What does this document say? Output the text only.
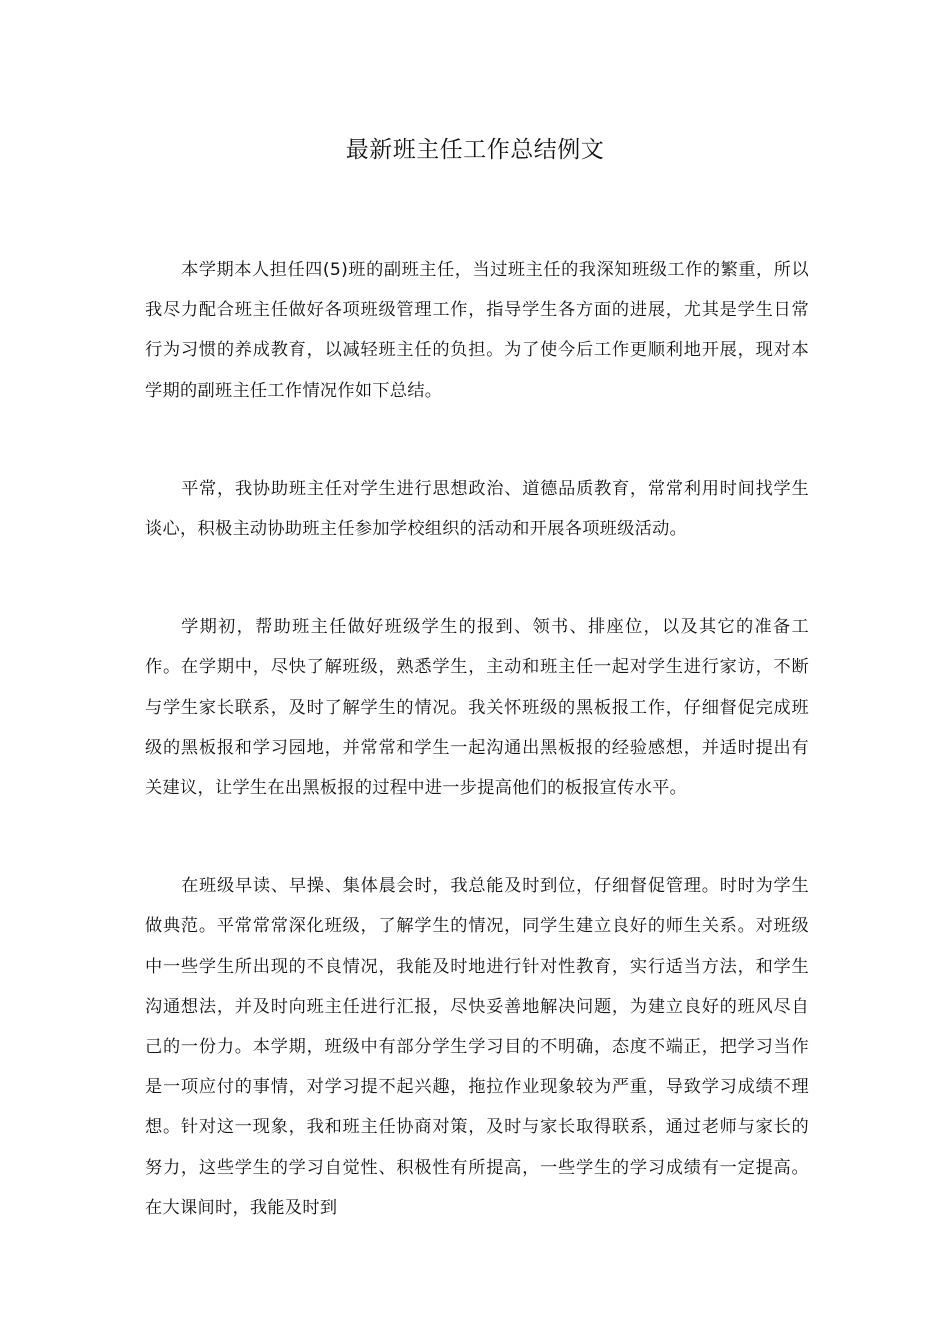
最新班主任工作总结例文

本学期本人担任四(5)班的副班主任，当过班主任的我深知班级工作的繁重，所以我尽力配合班主任做好各项班级管理工作，指导学生各方面的进展，尤其是学生日常行为习惯的养成教育，以减轻班主任的负担。为了使今后工作更顺利地开展，现对本学期的副班主任工作情况作如下总结。

平常，我协助班主任对学生进行思想政治、道德品质教育，常常利用时间找学生谈心，积极主动协助班主任参加学校组织的活动和开展各项班级活动。

学期初，帮助班主任做好班级学生的报到、领书、排座位，以及其它的准备工作。在学期中，尽快了解班级，熟悉学生，主动和班主任一起对学生进行家访，不断与学生家长联系，及时了解学生的情况。我关怀班级的黑板报工作，仔细督促完成班级的黑板报和学习园地，并常常和学生一起沟通出黑板报的经验感想，并适时提出有关建议，让学生在出黑板报的过程中进一步提高他们的板报宣传水平。

在班级早读、早操、集体晨会时，我总能及时到位，仔细督促管理。时时为学生做典范。平常常常深化班级，了解学生的情况，同学生建立良好的师生关系。对班级中一些学生所出现的不良情况，我能及时地进行针对性教育，实行适当方法，和学生沟通想法，并及时向班主任进行汇报，尽快妥善地解决问题，为建立良好的班风尽自己的一份力。本学期，班级中有部分学生学习目的不明确，态度不端正，把学习当作是一项应付的事情，对学习提不起兴趣，拖拉作业现象较为严重，导致学习成绩不理想。针对这一现象，我和班主任协商对策，及时与家长取得联系，通过老师与家长的努力，这些学生的学习自觉性、积极性有所提高，一些学生的学习成绩有一定提高。在大课间时，我能及时到
